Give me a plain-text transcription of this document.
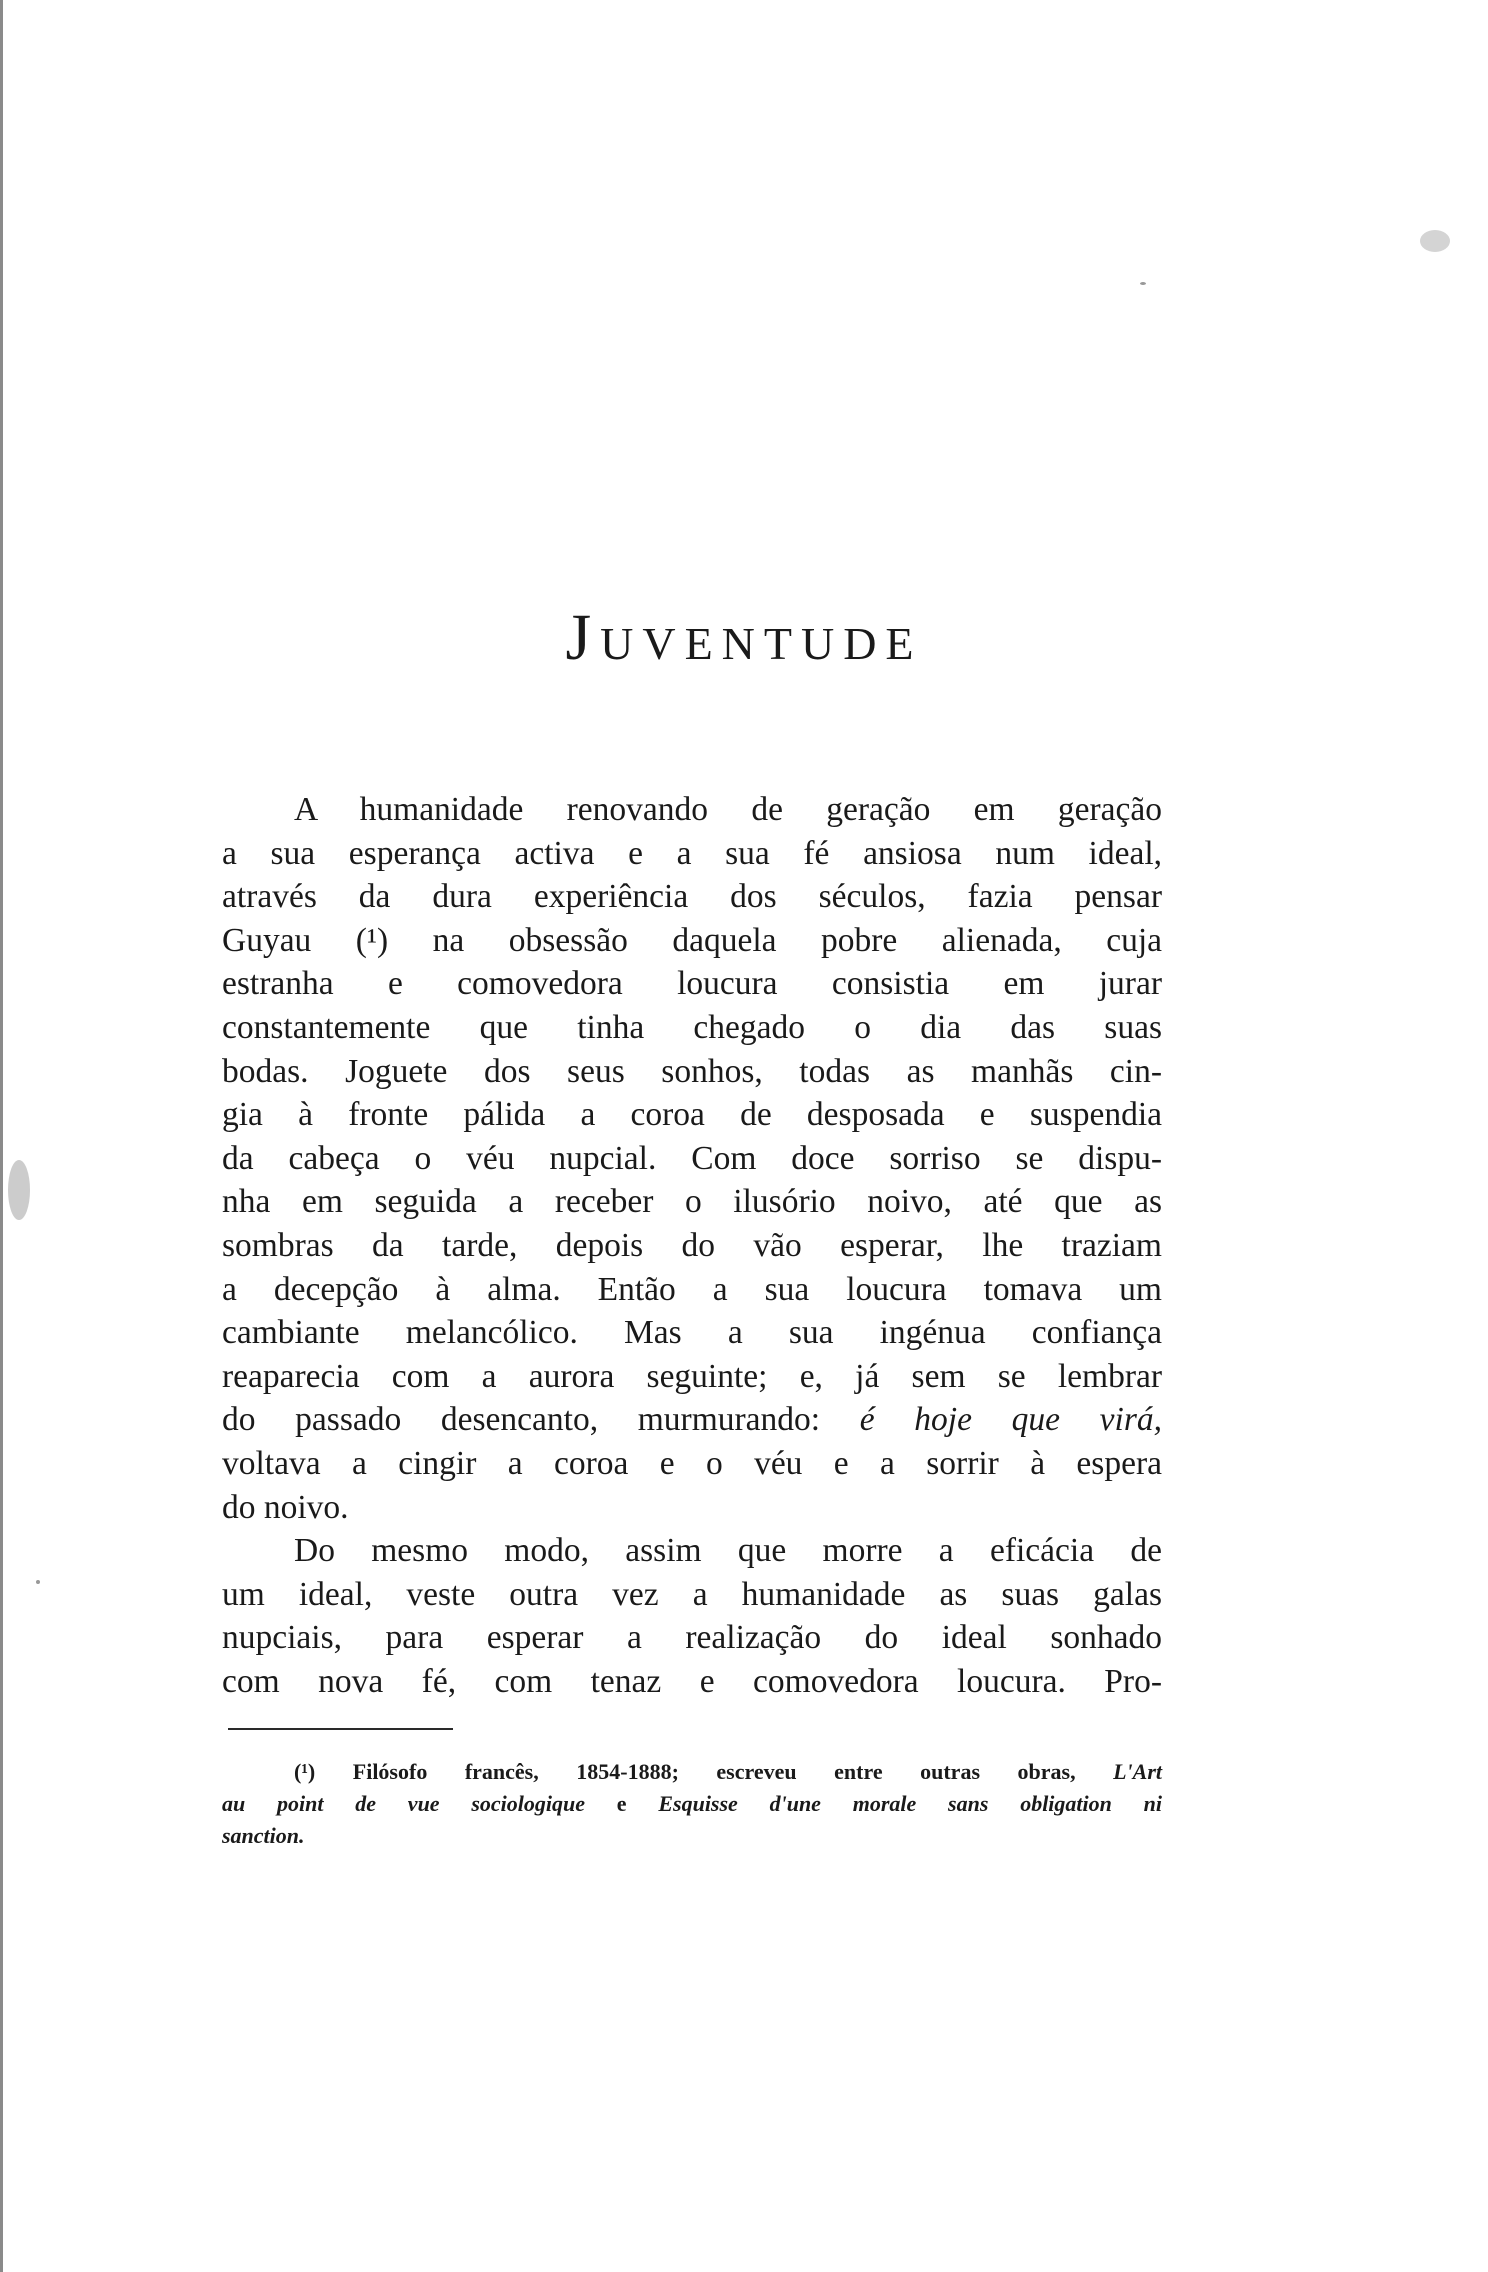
Juventude
A humanidade renovando de geração em geração
a sua esperança activa e a sua fé ansiosa num ideal,
através da dura experiência dos séculos, fazia pensar
Guyau (¹) na obsessão daquela pobre alienada, cuja
estranha e comovedora loucura consistia em jurar
constantemente que tinha chegado o dia das suas
bodas. Joguete dos seus sonhos, todas as manhãs cin-
gia à fronte pálida a coroa de desposada e suspendia
da cabeça o véu nupcial. Com doce sorriso se dispu-
nha em seguida a receber o ilusório noivo, até que as
sombras da tarde, depois do vão esperar, lhe traziam
a decepção à alma. Então a sua loucura tomava um
cambiante melancólico. Mas a sua ingénua confiança
reaparecia com a aurora seguinte; e, já sem se lembrar
do passado desencanto, murmurando: é hoje que virá,
voltava a cingir a coroa e o véu e a sorrir à espera
do noivo.
Do mesmo modo, assim que morre a eficácia de
um ideal, veste outra vez a humanidade as suas galas
nupciais, para esperar a realização do ideal sonhado
com nova fé, com tenaz e comovedora loucura. Pro-
(¹) Filósofo francês, 1854-1888; escreveu entre outras obras, L'Art
au point de vue sociologique e Esquisse d'une morale sans obligation ni
sanction.
